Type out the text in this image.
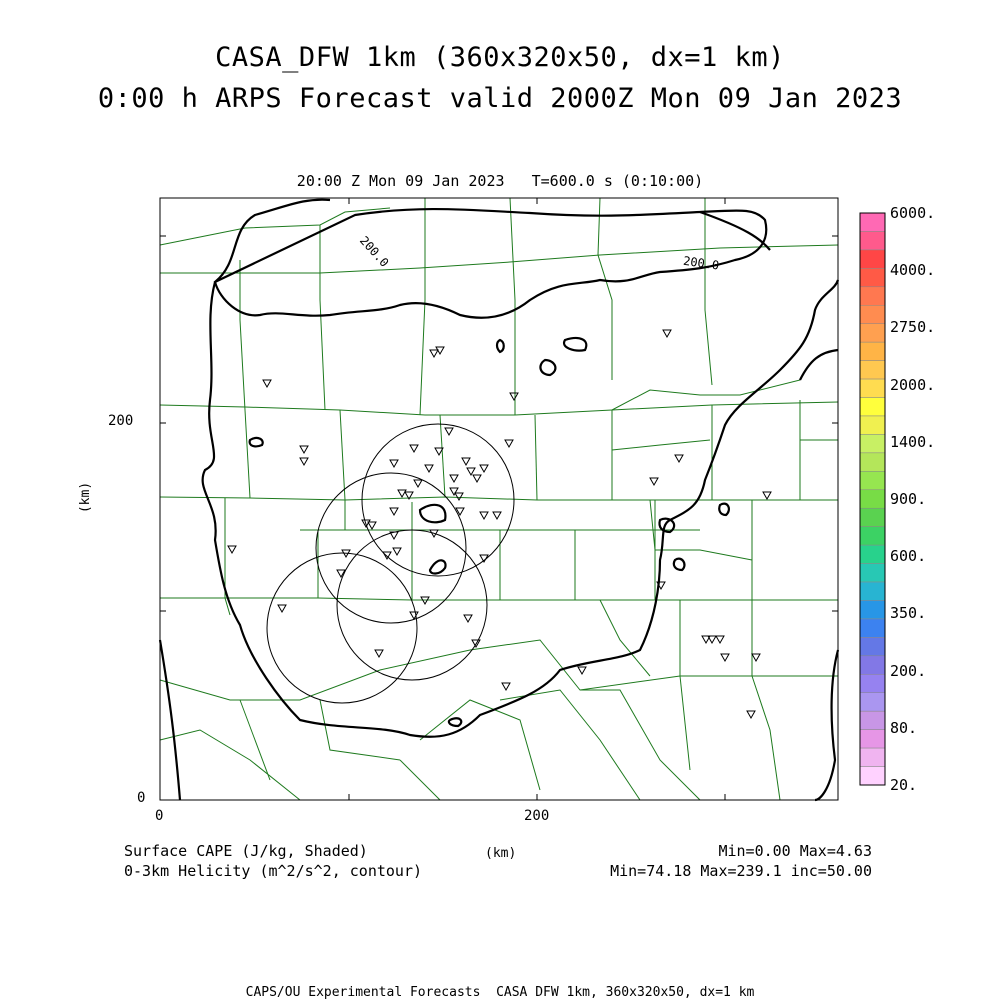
CASA_DFW 1km (360x320x50, dx=1 km)
0:00 h ARPS Forecast valid 2000Z Mon 09 Jan 2023
20:00 Z Mon 09 Jan 2023   T=600.0 s (0:10:00)
200.0	200.0
200
0
0	200
(km)
6000.
4000.
2750.
2000.
1400.
900.
600.
350.
200.
80.
20.
Surface CAPE (J/kg, Shaded)
0-3km Helicity (m^2/s^2, contour)
(km)	Min=0.00 Max=4.63
Min=74.18 Max=239.1 inc=50.00
CAPS/OU Experimental Forecasts  CASA DFW 1km, 360x320x50, dx=1 km
